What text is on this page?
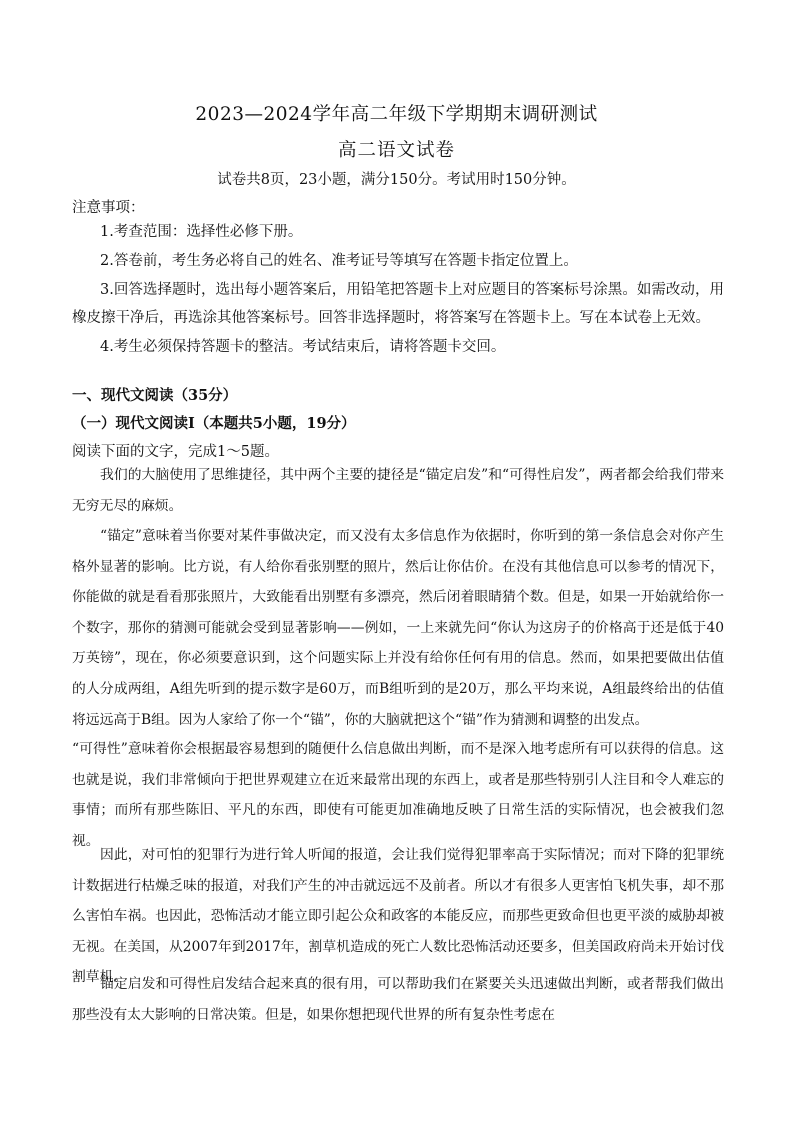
2023—2024学年高二年级下学期期末调研测试
高二语文试卷
试卷共8页，23小题，满分150分。考试用时150分钟。
注意事项：

1.考查范围：选择性必修下册。

2.答卷前，考生务必将自己的姓名、准考证号等填写在答题卡指定位置上。

3.回答选择题时，选出每小题答案后，用铅笔把答题卡上对应题目的答案标号涂黑。如需改动，用橡皮擦干净后，再选涂其他答案标号。回答非选择题时，将答案写在答题卡上。写在本试卷上无效。

4.考生必须保持答题卡的整洁。考试结束后，请将答题卡交回。

一、现代文阅读（35分）
（一）现代文阅读Ⅰ（本题共5小题，19分）
阅读下面的文字，完成1～5题。

我们的大脑使用了思维捷径，其中两个主要的捷径是“锚定启发”和“可得性启发”，两者都会给我们带来无穷无尽的麻烦。

“锚定”意味着当你要对某件事做决定，而又没有太多信息作为依据时，你听到的第一条信息会对你产生格外显著的影响。比方说，有人给你看张别墅的照片，然后让你估价。在没有其他信息可以参考的情况下，你能做的就是看看那张照片，大致能看出别墅有多漂亮，然后闭着眼睛猜个数。但是，如果一开始就给你一个数字，那你的猜测可能就会受到显著影响——例如，一上来就先问“你认为这房子的价格高于还是低于40万英镑”，现在，你必须要意识到，这个问题实际上并没有给你任何有用的信息。然而，如果把要做出估值的人分成两组，A组先听到的提示数字是60万，而B组听到的是20万，那么平均来说，A组最终给出的估值将远远高于B组。因为人家给了你一个“锚”，你的大脑就把这个“锚”作为猜测和调整的出发点。

“可得性”意味着你会根据最容易想到的随便什么信息做出判断，而不是深入地考虑所有可以获得的信息。这也就是说，我们非常倾向于把世界观建立在近来最常出现的东西上，或者是那些特别引人注目和令人难忘的事情；而所有那些陈旧、平凡的东西，即使有可能更加准确地反映了日常生活的实际情况，也会被我们忽视。

因此，对可怕的犯罪行为进行耸人听闻的报道，会让我们觉得犯罪率高于实际情况；而对下降的犯罪统计数据进行枯燥乏味的报道，对我们产生的冲击就远远不及前者。所以才有很多人更害怕飞机失事，却不那么害怕车祸。也因此，恐怖活动才能立即引起公众和政客的本能反应，而那些更致命但也更平淡的威胁却被无视。在美国，从2007年到2017年，割草机造成的死亡人数比恐怖活动还要多，但美国政府尚未开始讨伐割草机。

锚定启发和可得性启发结合起来真的很有用，可以帮助我们在紧要关头迅速做出判断，或者帮我们做出那些没有太大影响的日常决策。但是，如果你想把现代世界的所有复杂性考虑在
